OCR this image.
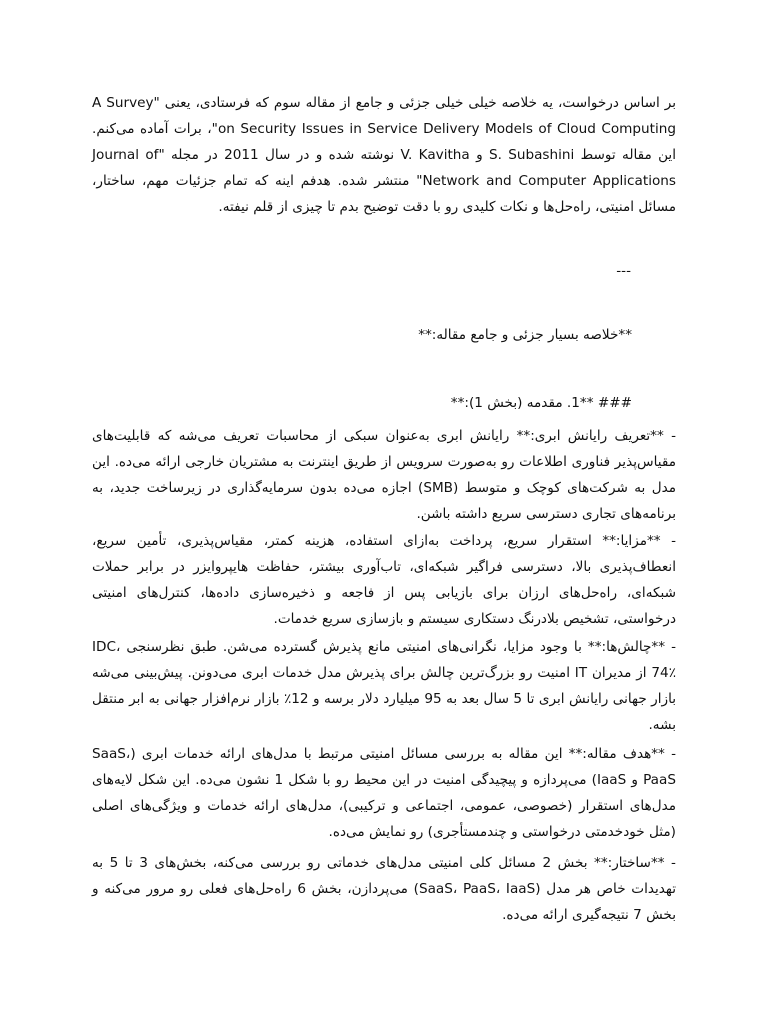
بر اساس درخواست، یه خلاصه خیلی خیلی جزئی و جامع از مقاله سوم که فرستادی، یعنی "A Survey on Security Issues in Service Delivery Models of Cloud Computing"، برات آماده می‌کنم. این مقاله توسط S. Subashini و V. Kavitha نوشته شده و در سال 2011 در مجله "Journal of Network and Computer Applications" منتشر شده. هدفم اینه که تمام جزئیات مهم، ساختار، مسائل امنیتی، راه‌حل‌ها و نکات کلیدی رو با دقت توضیح بدم تا چیزی از قلم نیفته.
---
**خلاصه بسیار جزئی و جامع مقاله:**
### **1. مقدمه (بخش 1):**
- **تعریف رایانش ابری:** رایانش ابری به‌عنوان سبکی از محاسبات تعریف می‌شه که قابلیت‌های مقیاس‌پذیر فناوری اطلاعات رو به‌صورت سرویس از طریق اینترنت به مشتریان خارجی ارائه می‌ده. این مدل به شرکت‌های کوچک و متوسط (SMB) اجازه می‌ده بدون سرمایه‌گذاری در زیرساخت جدید، به برنامه‌های تجاری دسترسی سریع داشته باشن.
- **مزایا:** استقرار سریع، پرداخت به‌ازای استفاده، هزینه کمتر، مقیاس‌پذیری، تأمین سریع، انعطاف‌پذیری بالا، دسترسی فراگیر شبکه‌ای، تاب‌آوری بیشتر، حفاظت هایپروایزر در برابر حملات شبکه‌ای، راه‌حل‌های ارزان برای بازیابی پس از فاجعه و ذخیره‌سازی داده‌ها، کنترل‌های امنیتی درخواستی، تشخیص بلادرنگ دستکاری سیستم و بازسازی سریع خدمات.
- **چالش‌ها:** با وجود مزایا، نگرانی‌های امنیتی مانع پذیرش گسترده می‌شن. طبق نظرسنجی IDC، 74٪ از مدیران IT امنیت رو بزرگ‌ترین چالش برای پذیرش مدل خدمات ابری می‌دونن. پیش‌بینی می‌شه بازار جهانی رایانش ابری تا 5 سال بعد به 95 میلیارد دلار برسه و 12٪ بازار نرم‌افزار جهانی به ابر منتقل بشه.
- **هدف مقاله:** این مقاله به بررسی مسائل امنیتی مرتبط با مدل‌های ارائه خدمات ابری (SaaS، PaaS و IaaS) می‌پردازه و پیچیدگی امنیت در این محیط رو با شکل 1 نشون می‌ده. این شکل لایه‌های مدل‌های استقرار (خصوصی، عمومی، اجتماعی و ترکیبی)، مدل‌های ارائه خدمات و ویژگی‌های اصلی (مثل خودخدمتی درخواستی و چندمستأجری) رو نمایش می‌ده.
- **ساختار:** بخش 2 مسائل کلی امنیتی مدل‌های خدماتی رو بررسی می‌کنه، بخش‌های 3 تا 5 به تهدیدات خاص هر مدل (SaaS، PaaS، IaaS) می‌پردازن، بخش 6 راه‌حل‌های فعلی رو مرور می‌کنه و بخش 7 نتیجه‌گیری ارائه می‌ده.
